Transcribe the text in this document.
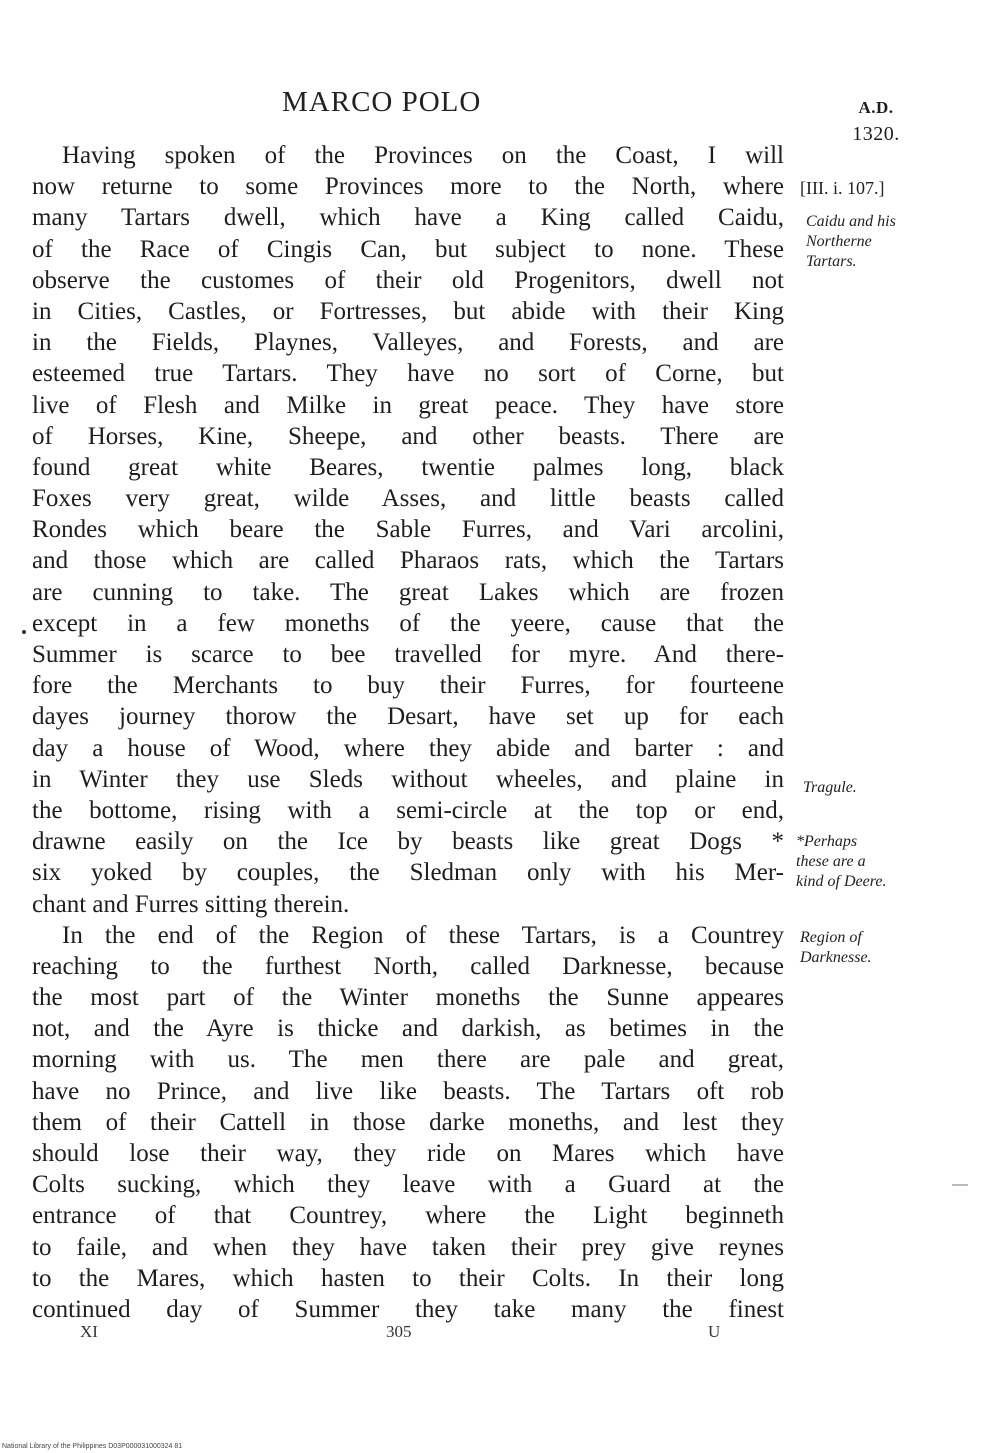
MARCO POLO	A.D.
1320.
Having spoken of the Provinces on the Coast, I will
now returne to some Provinces more to the North, where
many Tartars dwell, which have a King called Caidu,
of the Race of Cingis Can, but subject to none. These
observe the customes of their old Progenitors, dwell not
in Cities, Castles, or Fortresses, but abide with their King
in the Fields, Playnes, Valleyes, and Forests, and are
esteemed true Tartars. They have no sort of Corne, but
live of Flesh and Milke in great peace. They have store
of Horses, Kine, Sheepe, and other beasts. There are
found great white Beares, twentie palmes long, black
Foxes very great, wilde Asses, and little beasts called
Rondes which beare the Sable Furres, and Vari arcolini,
and those which are called Pharaos rats, which the Tartars
are cunning to take. The great Lakes which are frozen
except in a few moneths of the yeere, cause that the
Summer is scarce to bee travelled for myre. And there-
fore the Merchants to buy their Furres, for fourteene
dayes journey thorow the Desart, have set up for each
day a house of Wood, where they abide and barter : and
in Winter they use Sleds without wheeles, and plaine in
the bottome, rising with a semi-circle at the top or end,
drawne easily on the Ice by beasts like great Dogs *
six yoked by couples, the Sledman only with his Mer-
chant and Furres sitting therein.
In the end of the Region of these Tartars, is a Countrey
reaching to the furthest North, called Darknesse, because
the most part of the Winter moneths the Sunne appeares
not, and the Ayre is thicke and darkish, as betimes in the
morning with us. The men there are pale and great,
have no Prince, and live like beasts. The Tartars oft rob
them of their Cattell in those darke moneths, and lest they
should lose their way, they ride on Mares which have
Colts sucking, which they leave with a Guard at the
entrance of that Countrey, where the Light beginneth
to faile, and when they have taken their prey give reynes
to the Mares, which hasten to their Colts. In their long
continued day of Summer they take many the finest
[III. i. 107.]
Caidu and his
Northerne
Tartars.
Tragule.
*Perhaps
these are a
kind of Deere.
Region of
Darknesse.
XI	305	U
National Library of the Philippines D03P000031000324 81
